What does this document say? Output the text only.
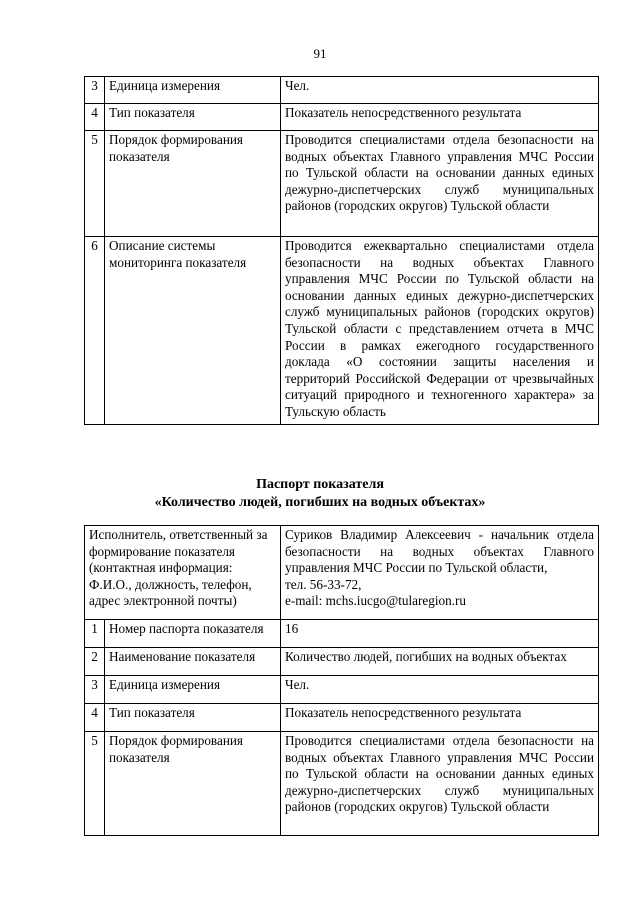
91
3	Единица измерения	Чел.
4	Тип показателя	Показатель непосредственного результата
5	Порядок формирования показателя	Проводится специалистами отдела безопасности на водных объектах Главного управления МЧС России по Тульской области на основании данных единых дежурно-диспетчерских служб муниципальных районов (городских округов) Тульской области
6	Описание системы мониторинга показателя	Проводится ежеквартально специалистами отдела безопасности на водных объектах Главного управления МЧС России по Тульской области на основании данных единых дежурно-диспетчерских служб муниципальных районов (городских округов) Тульской области с представлением отчета в МЧС России в рамках ежегодного государственного доклада «О состоянии защиты населения и территорий Российской Федерации от чрезвычайных ситуаций природного и техногенного характера» за Тульскую область
Паспорт показателя
«Количество людей, погибших на водных объектах»
Исполнитель, ответственный за формирование показателя (контактная информация: Ф.И.О., должность, телефон, адрес электронной почты)		Суриков Владимир Алексеевич - начальник отдела безопасности на водных объектах Главного управления МЧС России по Тульской области,
тел. 56-33-72,
e-mail: mchs.iucgo@tularegion.ru

1	Номер паспорта показателя	16
2	Наименование показателя	Количество людей, погибших на водных объектах
3	Единица измерения	Чел.
4	Тип показателя	Показатель непосредственного результата
5	Порядок формирования показателя	Проводится специалистами отдела безопасности на водных объектах Главного управления МЧС России по Тульской области на основании данных единых дежурно-диспетчерских служб муниципальных районов (городских округов) Тульской области
